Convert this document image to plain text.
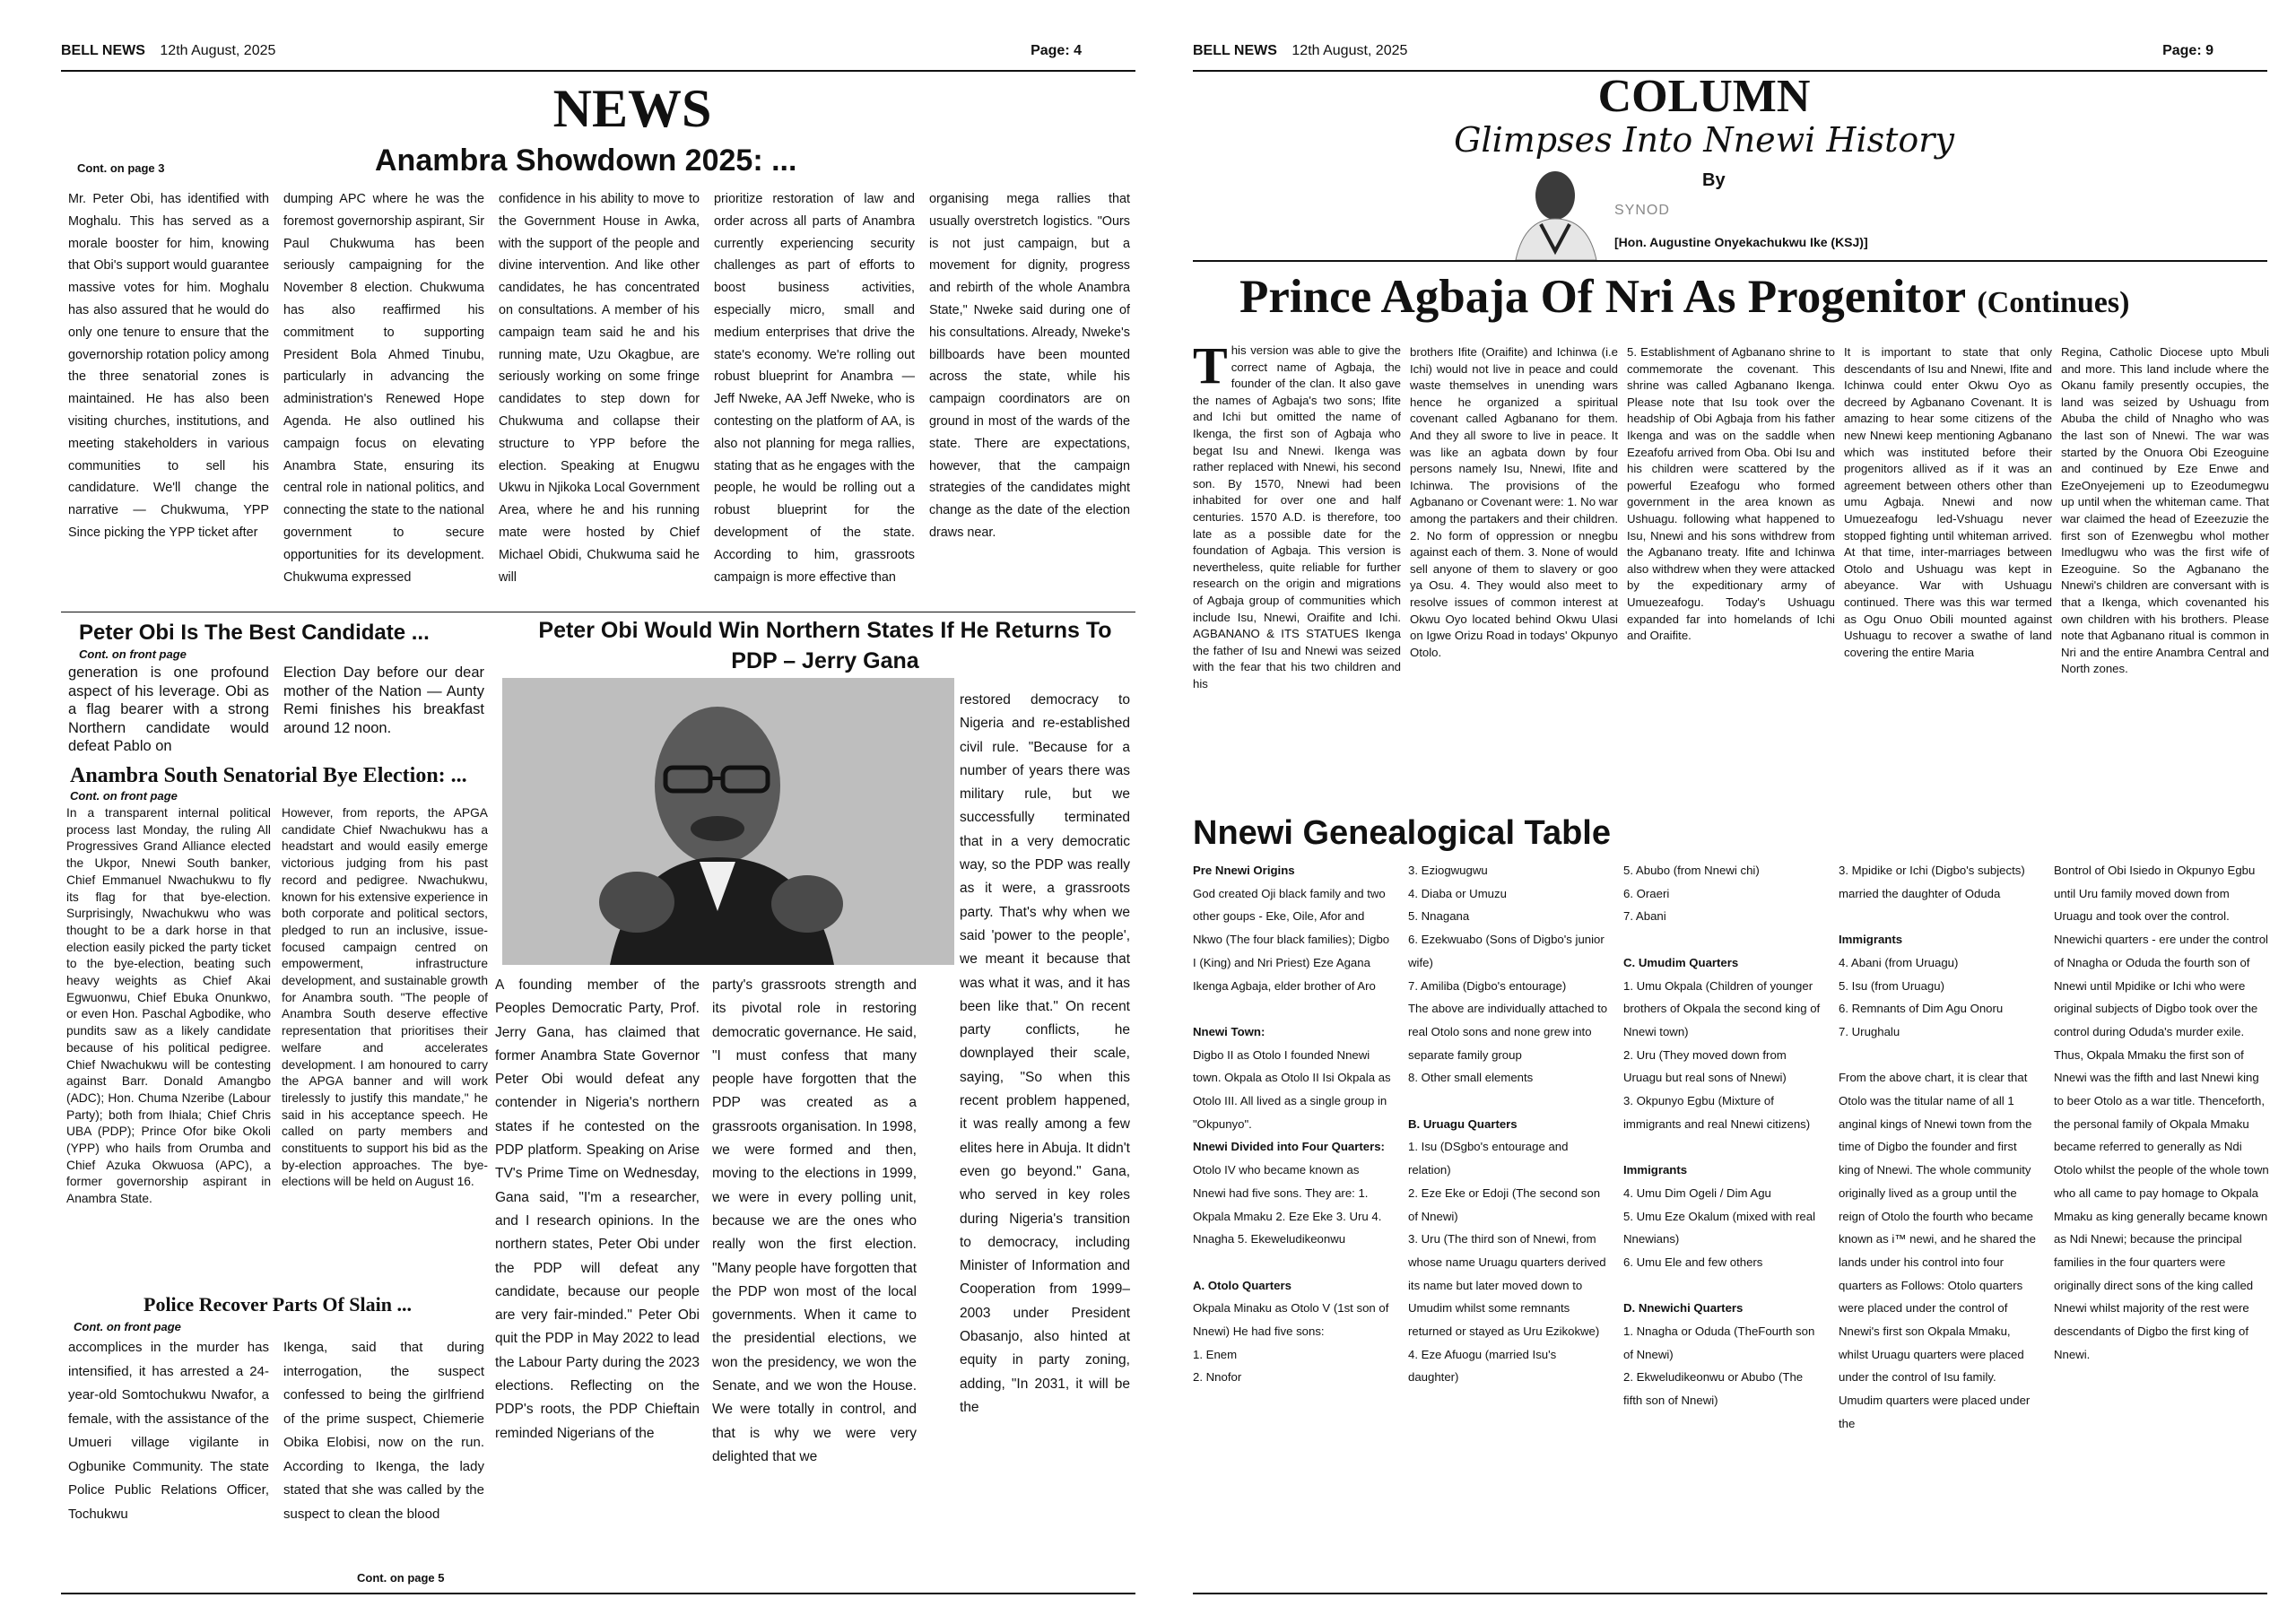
BELL NEWS 12th August, 2025	Page: 4
NEWS
Cont. on page 3	Anambra Showdown 2025: ...
Mr. Peter Obi, has identified with Moghalu. This has served as a morale booster for him, knowing that Obi's support would guarantee massive votes for him. Moghalu has also assured that he would do only one tenure to ensure that the governorship rotation policy among the three senatorial zones is maintained. He has also been visiting churches, institutions, and meeting stakeholders in various communities to sell his candidature. We'll change the narrative — Chukwuma, YPP Since picking the YPP ticket after
dumping APC where he was the foremost governorship aspirant, Sir Paul Chukwuma has been seriously campaigning for the November 8 election. Chukwuma has also reaffirmed his commitment to supporting President Bola Ahmed Tinubu, particularly in advancing the administration's Renewed Hope Agenda. He also outlined his campaign focus on elevating Anambra State, ensuring its central role in national politics, and connecting the state to the national government to secure opportunities for its development. Chukwuma expressed
confidence in his ability to move to the Government House in Awka, with the support of the people and divine intervention. And like other candidates, he has concentrated on consultations. A member of his campaign team said he and his running mate, Uzu Okagbue, are seriously working on some fringe candidates to step down for Chukwuma and collapse their structure to YPP before the election. Speaking at Enugwu Ukwu in Njikoka Local Government Area, where he and his running mate were hosted by Chief Michael Obidi, Chukwuma said he will
prioritize restoration of law and order across all parts of Anambra currently experiencing security challenges as part of efforts to boost business activities, especially micro, small and medium enterprises that drive the state's economy. We're rolling out robust blueprint for Anambra — Jeff Nweke, AA Jeff Nweke, who is contesting on the platform of AA, is also not planning for mega rallies, stating that as he engages with the people, he would be rolling out a robust blueprint for the development of the state. According to him, grassroots campaign is more effective than
organising mega rallies that usually overstretch logistics. "Ours is not just campaign, but a movement for dignity, progress and rebirth of the whole Anambra State," Nweke said during one of his consultations. Already, Nweke's billboards have been mounted across the state, while his campaign coordinators are on ground in most of the wards of the state. There are expectations, however, that the campaign strategies of the candidates might change as the date of the election draws near.
Peter Obi Is The Best Candidate ...
Cont. on front page
generation is one profound aspect of his leverage. Obi as a flag bearer with a strong Northern candidate would defeat Pablo on
Election Day before our dear mother of the Nation — Aunty Remi finishes his breakfast around 12 noon.
Anambra South Senatorial Bye Election: ...
Cont. on front page
In a transparent internal political process last Monday, the ruling All Progressives Grand Alliance elected the Ukpor, Nnewi South banker, Chief Emmanuel Nwachukwu to fly its flag for that bye-election. Surprisingly, Nwachukwu who was thought to be a dark horse in that election easily picked the party ticket to the bye-election, beating such heavy weights as Chief Akai Egwuonwu, Chief Ebuka Onunkwo, or even Hon. Paschal Agbodike, who pundits saw as a likely candidate because of his political pedigree. Chief Nwachukwu will be contesting against Barr. Donald Amangbo (ADC); Hon. Chuma Nzeribe (Labour Party); both from Ihiala; Chief Chris UBA (PDP); Prince Ofor bike Okoli (YPP) who hails from Orumba and Chief Azuka Okwuosa (APC), a former governorship aspirant in Anambra State.
However, from reports, the APGA candidate Chief Nwachukwu has a headstart and would easily emerge victorious judging from his past record and pedigree. Nwachukwu, known for his extensive experience in both corporate and political sectors, pledged to run an inclusive, issue-focused campaign centred on empowerment, infrastructure development, and sustainable growth for Anambra south. "The people of Anambra South deserve effective representation that prioritises their welfare and accelerates development. I am honoured to carry the APGA banner and will work tirelessly to justify this mandate," he said in his acceptance speech. He called on party members and constituents to support his bid as the by-election approaches. The bye-elections will be held on August 16.
Police Recover Parts Of Slain ...
Cont. on front page
accomplices in the murder has intensified, it has arrested a 24-year-old Somtochukwu Nwafor, a female, with the assistance of the Umueri village vigilante in Ogbunike Community. The state Police Public Relations Officer, Tochukwu
Ikenga, said that during interrogation, the suspect confessed to being the girlfriend of the prime suspect, Chiemerie Obika Elobisi, now on the run. According to Ikenga, the lady stated that she was called by the suspect to clean the blood
Cont. on page 5
Peter Obi Would Win Northern States If He Returns To PDP – Jerry Gana
restored democracy to Nigeria and re-established civil rule. "Because for a number of years there was military rule, but we successfully terminated that in a very democratic way, so the PDP was really as it were, a grassroots party. That's why when we said 'power to the people', we meant it because that was what it was, and it has been like that." On recent party conflicts, he downplayed their scale, saying, "So when this recent problem happened, it was really among a few elites here in Abuja. It didn't even go beyond." Gana, who served in key roles during Nigeria's transition to democracy, including Minister of Information and Cooperation from 1999–2003 under President Obasanjo, also hinted at equity in party zoning, adding, "In 2031, it will be the
A founding member of the Peoples Democratic Party, Prof. Jerry Gana, has claimed that former Anambra State Governor Peter Obi would defeat any contender in Nigeria's northern states if he contested on the PDP platform. Speaking on Arise TV's Prime Time on Wednesday, Gana said, "I'm a researcher, and I research opinions. In the northern states, Peter Obi under the PDP will defeat any candidate, because our people are very fair-minded." Peter Obi quit the PDP in May 2022 to lead the Labour Party during the 2023 elections. Reflecting on the PDP's roots, the PDP Chieftain reminded Nigerians of the
party's grassroots strength and its pivotal role in restoring democratic governance. He said, "I must confess that many people have forgotten that the PDP was created as a grassroots organisation. In 1998, we were formed and then, moving to the elections in 1999, we were in every polling unit, because we are the ones who really won the first election. "Many people have forgotten that the PDP won most of the local governments. When it came to the presidential elections, we won the presidency, we won the Senate, and we won the House. We were totally in control, and that is why we were very delighted that we
BELL NEWS 12th August, 2025	Page: 9
COLUMN
Glimpses Into Nnewi History
By
SYNOD
[Hon. Augustine Onyekachukwu Ike (KSJ)]
Prince Agbaja Of Nri As Progenitor (Continues)
This version was able to give the correct name of Agbaja, the founder of the clan. It also gave the names of Agbaja's two sons; Ifite and Ichi but omitted the name of Ikenga, the first son of Agbaja who begat Isu and Nnewi. Ikenga was rather replaced with Nnewi, his second son. By 1570, Nnewi had been inhabited for over one and half centuries. 1570 A.D. is therefore, too late as a possible date for the foundation of Agbaja. This version is nevertheless, quite reliable for further research on the origin and migrations of Agbaja group of communities which include Isu, Nnewi, Oraifite and Ichi. AGBANANO & ITS STATUES Ikenga the father of Isu and Nnewi was seized with the fear that his two children and his
brothers Ifite (Oraifite) and Ichinwa (i.e Ichi) would not live in peace and could waste themselves in unending wars hence he organized a spiritual covenant called Agbanano for them. And they all swore to live in peace. It was like an agbata down by four persons namely Isu, Nnewi, Ifite and Ichinwa. The provisions of the Agbanano or Covenant were: 1. No war among the partakers and their children. 2. No form of oppression or nnegbu against each of them. 3. None of would sell anyone of them to slavery or goo ya Osu. 4. They would also meet to resolve issues of common interest at Okwu Oyo located behind Okwu Ulasi on Igwe Orizu Road in todays' Okpunyo Otolo.
5. Establishment of Agbanano shrine to commemorate the covenant. This shrine was called Agbanano Ikenga. Please note that Isu took over the headship of Obi Agbaja from his father Ikenga and was on the saddle when Ezeafofu arrived from Oba. Obi Isu and his children were scattered by the powerful Ezeafogu who formed government in the area known as Ushuagu. following what happened to Isu, Nnewi and his sons withdrew from the Agbanano treaty. Ifite and Ichinwa also withdrew when they were attacked by the expeditionary army of Umuezeafogu. Today's Ushuagu expanded far into homelands of Ichi and Oraifite.
It is important to state that only descendants of Isu and Nnewi, Ifite and Ichinwa could enter Okwu Oyo as decreed by Agbanano Covenant. It is amazing to hear some citizens of the new Nnewi keep mentioning Agbanano which was instituted before their progenitors allived as if it was an agreement between others other than umu Agbaja. Nnewi and now Umuezeafogu led-Vshuagu never stopped fighting until whiteman arrived. At that time, inter-marriages between Otolo and Ushuagu was kept in abeyance. War with Ushuagu continued. There was this war termed as Ogu Onuo Obili mounted against Ushuagu to recover a swathe of land covering the entire Maria
Regina, Catholic Diocese upto Mbuli and more. This land include where the Okanu family presently occupies, the land was seized by Ushuagu from Abuba the child of Nnagho who was the last son of Nnewi. The war was started by the Onuora Obi Ezeoguine and continued by Eze Enwe and EzeOnyejemeni up to Ezeodumegwu up until when the whiteman came. That war claimed the head of Ezeezuzie the first son of Ezenwegbu whol mother Imedlugwu who was the first wife of Ezeoguine. So the Agbanano the Nnewi's children are conversant with is that a Ikenga, which covenanted his own children with his brothers. Please note that Agbanano ritual is common in Nri and the entire Anambra Central and North zones.
Nnewi Genealogical Table

Pre Nnewi Origins

God created Oji black family and two other goups - Eke, Oile, Afor and Nkwo (The four black families); Digbo I (King) and Nri Priest) Eze Agana Ikenga Agbaja, elder brother of Aro

Nnewi Town:

Digbo II as Otolo I founded Nnewi town. Okpala as Otolo II Isi Okpala as Otolo III. All lived as a single group in "Okpunyo".

Nnewi Divided into Four Quarters:

Otolo IV who became known as Nnewi had five sons. They are: 1. Okpala Mmaku 2. Eze Eke 3. Uru 4. Nnagha 5. Ekeweludikeonwu

A. Otolo Quarters

Okpala Minaku as Otolo V (1st son of Nnewi) He had five sons:

1. Enem

2. Nnofor

3. Eziogwugwu

4. Diaba or Umuzu

5. Nnagana

6. Ezekwuabo (Sons of Digbo's junior wife)

7. Amiliba (Digbo's entourage)

The above are individually attached to real Otolo sons and none grew into separate family group

8. Other small elements

B. Uruagu Quarters

1. Isu (DSgbo's entourage and relation)

2. Eze Eke or Edoji (The second son of Nnewi)

3. Uru (The third son of Nnewi, from whose name Uruagu quarters derived its name but later moved down to Umudim whilst some remnants returned or stayed as Uru Ezikokwe)

4. Eze Afuogu (married Isu's daughter)

5. Abubo (from Nnewi chi)

6. Oraeri

7. Abani

C. Umudim Quarters

1. Umu Okpala (Children of younger brothers of Okpala the second king of Nnewi town)

2. Uru (They moved down from Uruagu but real sons of Nnewi)

3. Okpunyo Egbu (Mixture of immigrants and real Nnewi citizens)

Immigrants

4. Umu Dim Ogeli / Dim Agu

5. Umu Eze Okalum (mixed with real Nnewians)

6. Umu Ele and few others

D. Nnewichi Quarters

1. Nnagha or Oduda (TheFourth son of Nnewi)

2. Ekweludikeonwu or Abubo (The fifth son of Nnewi)

3. Mpidike or Ichi (Digbo's subjects) married the daughter of Oduda

Immigrants

4. Abani (from Uruagu)

5. Isu (from Uruagu)

6. Remnants of Dim Agu Onoru

7. Urughalu

From the above chart, it is clear that Otolo was the titular name of all 1 anginal kings of Nnewi town from the time of Digbo the founder and first king of Nnewi. The whole community originally lived as a group until the reign of Otolo the fourth who became known as i™ newi, and he shared the lands under his control into four quarters as Follows: Otolo quarters were placed under the control of Nnewi's first son Okpala Mmaku, whilst Uruagu quarters were placed under the control of Isu family. Umudim quarters were placed under the

Bontrol of Obi Isiedo in Okpunyo Egbu until Uru family moved down from Uruagu and took over the control. Nnewichi quarters - ere under the control of Nnagha or Oduda the fourth son of Nnewi until Mpidike or Ichi who were original subjects of Digbo took over the control during Oduda's murder exile. Thus, Okpala Mmaku the first son of Nnewi was the fifth and last Nnewi king to beer Otolo as a war title. Thenceforth, the personal family of Okpala Mmaku became referred to generally as Ndi Otolo whilst the people of the whole town who all came to pay homage to Okpala Mmaku as king generally became known as Ndi Nnewi; because the principal families in the four quarters were originally direct sons of the king called Nnewi whilst majority of the rest were descendants of Digbo the first king of Nnewi.
